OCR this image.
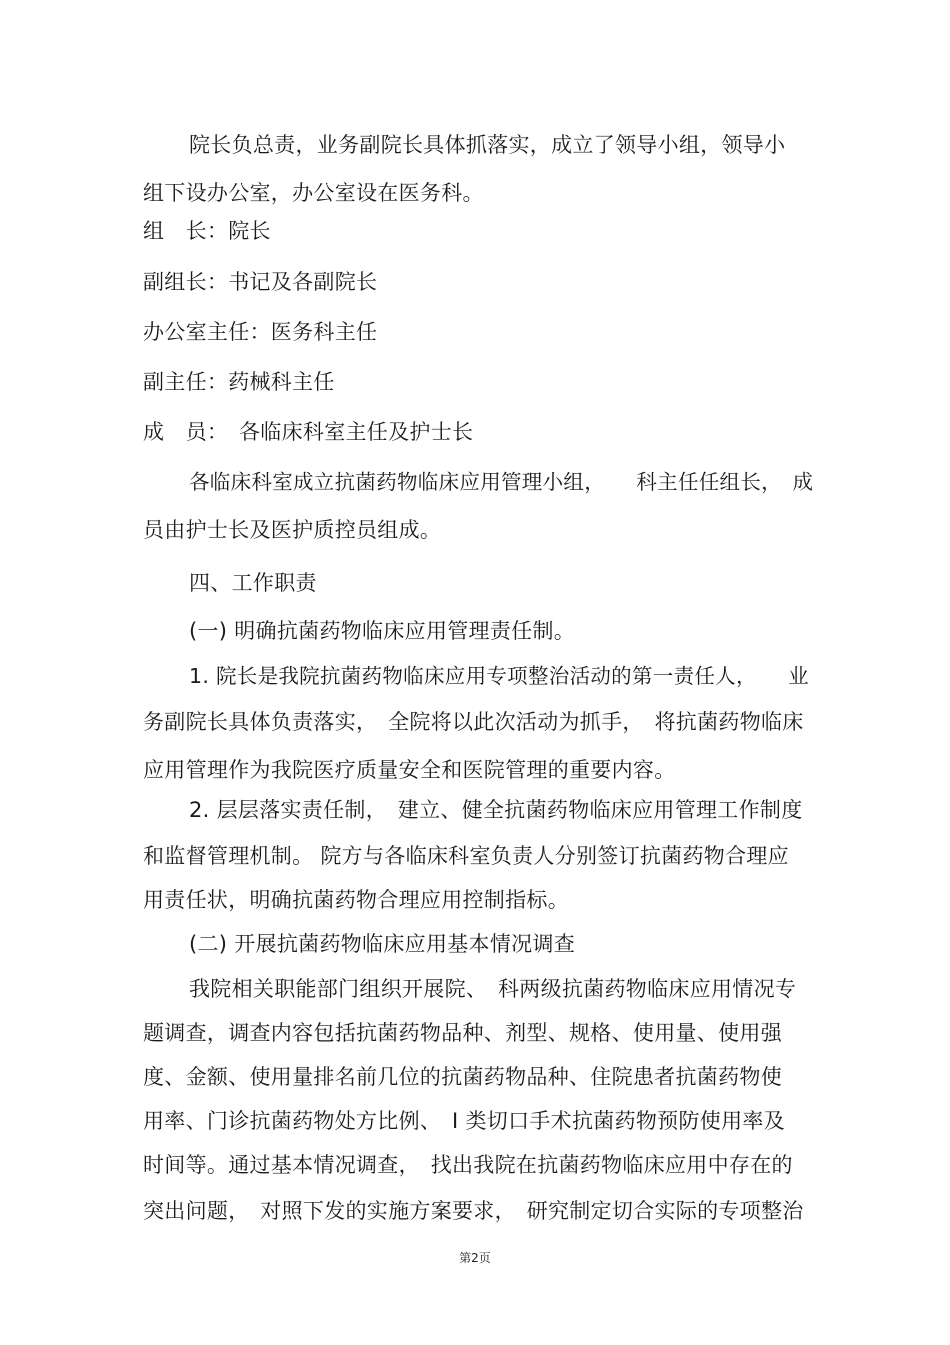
院长负总责，业务副院长具体抓落实，成立了领导小组，领导小
组下设办公室，办公室设在医务科。
组　长：院长
副组长：书记及各副院长
办公室主任：医务科主任
副主任：药械科主任
成　员：　各临床科室主任及护士长
各临床科室成立抗菌药物临床应用管理小组，　　科主任任组长，　成
员由护士长及医护质控员组成。
四、工作职责
(一) 明确抗菌药物临床应用管理责任制。
1. 院长是我院抗菌药物临床应用专项整治活动的第一责任人，　　业
务副院长具体负责落实，　全院将以此次活动为抓手，　将抗菌药物临床
应用管理作为我院医疗质量安全和医院管理的重要内容。
2. 层层落实责任制，　建立、健全抗菌药物临床应用管理工作制度
和监督管理机制。 院方与各临床科室负责人分别签订抗菌药物合理应
用责任状，明确抗菌药物合理应用控制指标。
(二) 开展抗菌药物临床应用基本情况调查
我院相关职能部门组织开展院、　科两级抗菌药物临床应用情况专
题调查，调查内容包括抗菌药物品种、剂型、规格、使用量、使用强
度、金额、使用量排名前几位的抗菌药物品种、住院患者抗菌药物使
用率、门诊抗菌药物处方比例、　Ⅰ 类切口手术抗菌药物预防使用率及
时间等。通过基本情况调查，　找出我院在抗菌药物临床应用中存在的
突出问题，　对照下发的实施方案要求，　研究制定切合实际的专项整治
第2页
